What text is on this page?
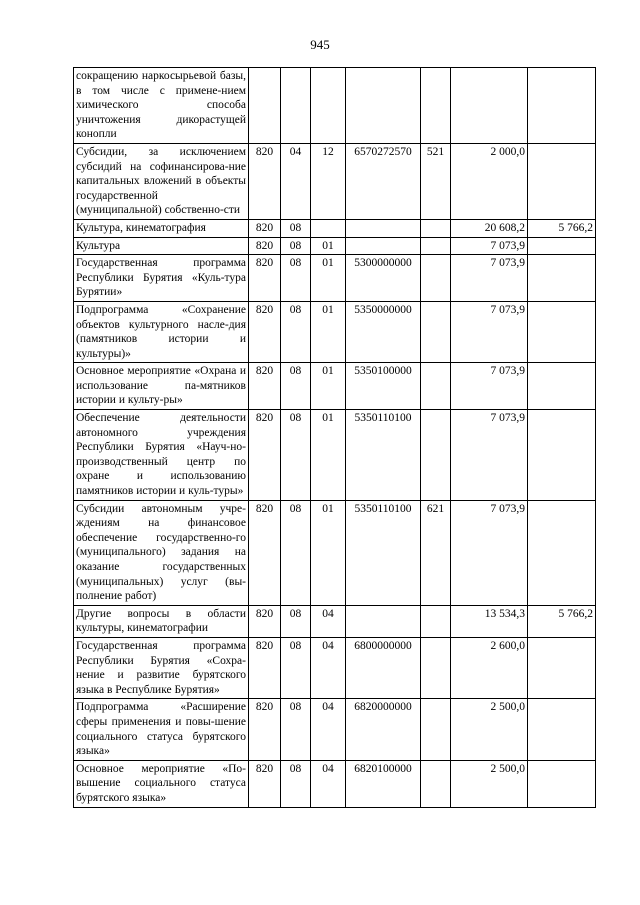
945
сокращению наркосырьевой базы, в том числе с примене-нием химического способа уничтожения дикорастущей конопли							
Субсидии, за исключением субсидий на софинансирова-ние капитальных вложений в объекты государственной (муниципальной) собственно-сти	820	04	12	6570272570	521	2 000,0	
Культура, кинематография	820	08				20 608,2	5 766,2
Культура	820	08	01			7 073,9	
Государственная программа Республики Бурятия «Куль-тура Бурятии»	820	08	01	5300000000		7 073,9	
Подпрограмма «Сохранение объектов культурного насле-дия (памятников истории и культуры)»	820	08	01	5350000000		7 073,9	
Основное мероприятие «Охрана и использование па-мятников истории и культу-ры»	820	08	01	5350100000		7 073,9	
Обеспечение деятельности автономного учреждения Республики Бурятия «Науч-но-производственный центр по охране и использованию памятников истории и куль-туры»	820	08	01	5350110100		7 073,9	
Субсидии автономным учре-ждениям на финансовое обеспечение государственно-го (муниципального) задания на оказание государственных (муниципальных) услуг (вы-полнение работ)	820	08	01	5350110100	621	7 073,9	
Другие вопросы в области культуры, кинематографии	820	08	04			13 534,3	5 766,2
Государственная программа Республики Бурятия «Сохра-нение и развитие бурятского языка в Республике Бурятия»	820	08	04	6800000000		2 600,0	
Подпрограмма «Расширение сферы применения и повы-шение социального статуса бурятского языка»	820	08	04	6820000000		2 500,0	
Основное мероприятие «По-вышение социального статуса бурятского языка»	820	08	04	6820100000		2 500,0	
